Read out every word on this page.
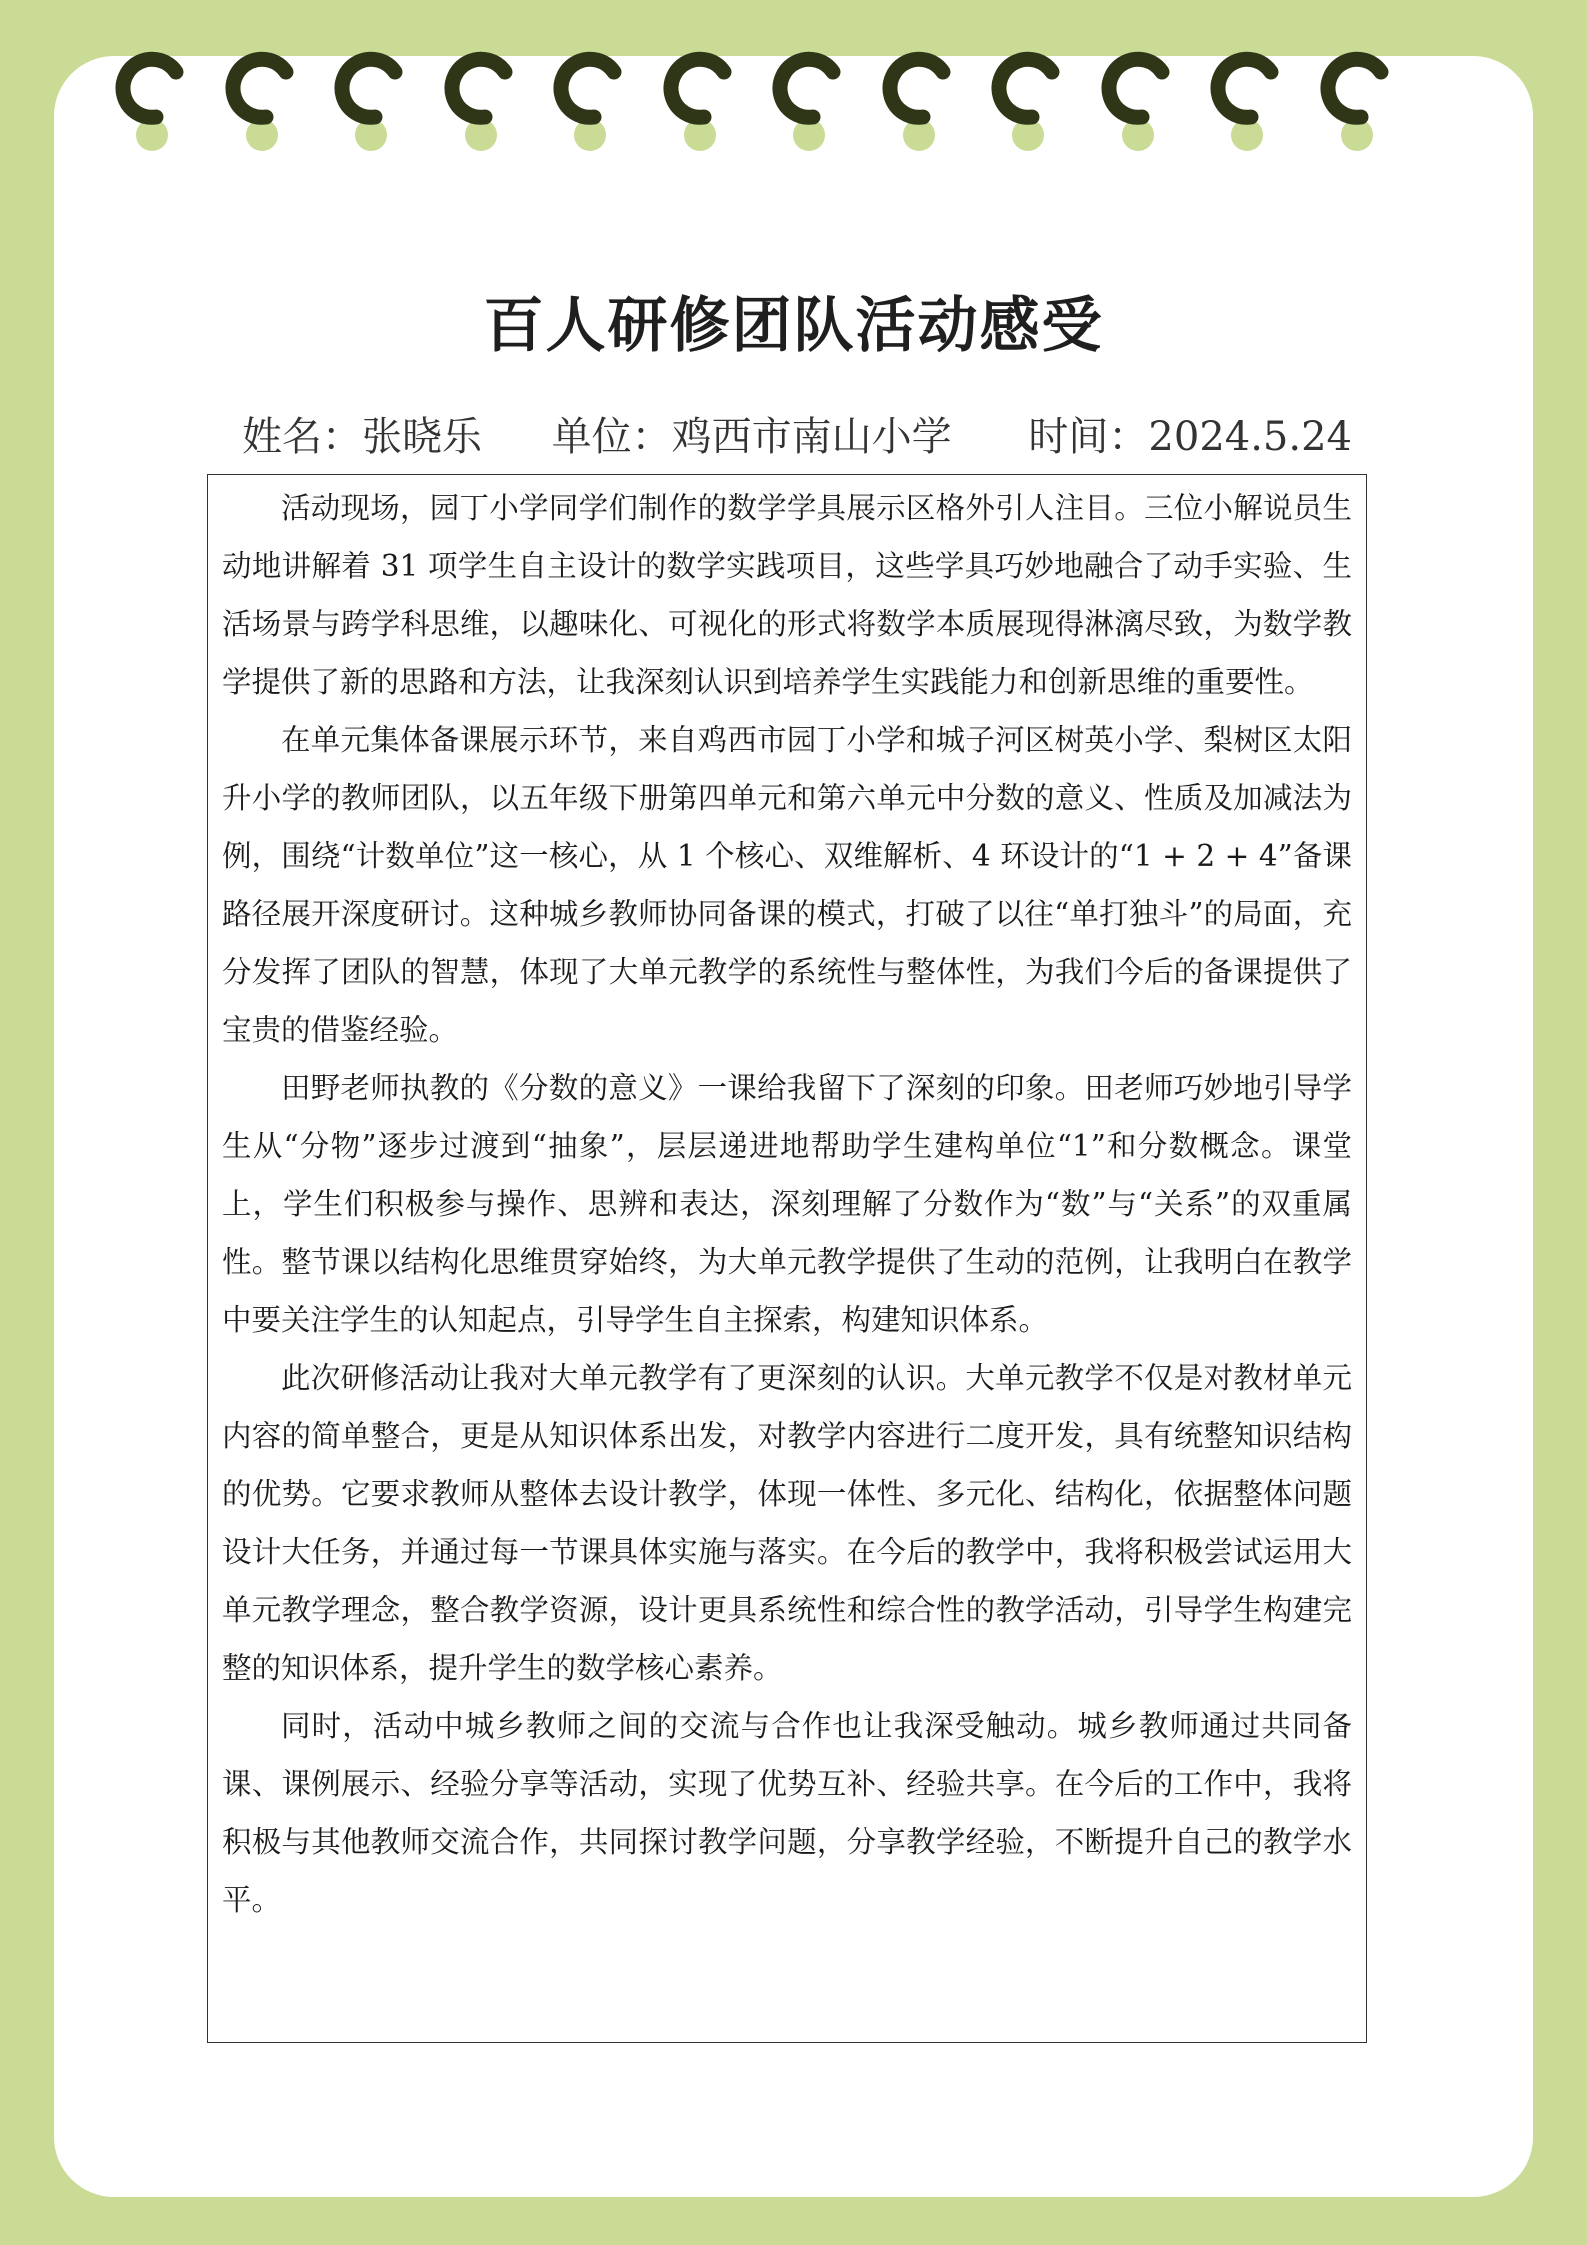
百人研修团队活动感受
姓名：张晓乐	单位：鸡西市南山小学	时间：2024.5.24

活动现场，园丁小学同学们制作的数学学具展示区格外引人注目。三位小解说员生动地讲解着 31 项学生自主设计的数学实践项目，这些学具巧妙地融合了动手实验、生活场景与跨学科思维，以趣味化、可视化的形式将数学本质展现得淋漓尽致，为数学教学提供了新的思路和方法，让我深刻认识到培养学生实践能力和创新思维的重要性。

在单元集体备课展示环节，来自鸡西市园丁小学和城子河区树英小学、梨树区太阳升小学的教师团队，以五年级下册第四单元和第六单元中分数的意义、性质及加减法为例，围绕“计数单位”这一核心，从 1 个核心、双维解析、4 环设计的“1 + 2 + 4”备课路径展开深度研讨。这种城乡教师协同备课的模式，打破了以往“单打独斗”的局面，充分发挥了团队的智慧，体现了大单元教学的系统性与整体性，为我们今后的备课提供了宝贵的借鉴经验。

田野老师执教的《分数的意义》一课给我留下了深刻的印象。田老师巧妙地引导学生从“分物”逐步过渡到“抽象”，层层递进地帮助学生建构单位“1”和分数概念。课堂上，学生们积极参与操作、思辨和表达，深刻理解了分数作为“数”与“关系”的双重属性。整节课以结构化思维贯穿始终，为大单元教学提供了生动的范例，让我明白在教学中要关注学生的认知起点，引导学生自主探索，构建知识体系。

此次研修活动让我对大单元教学有了更深刻的认识。大单元教学不仅是对教材单元内容的简单整合，更是从知识体系出发，对教学内容进行二度开发，具有统整知识结构的优势。它要求教师从整体去设计教学，体现一体性、多元化、结构化，依据整体问题设计大任务，并通过每一节课具体实施与落实。在今后的教学中，我将积极尝试运用大单元教学理念，整合教学资源，设计更具系统性和综合性的教学活动，引导学生构建完整的知识体系，提升学生的数学核心素养。

同时，活动中城乡教师之间的交流与合作也让我深受触动。城乡教师通过共同备课、课例展示、经验分享等活动，实现了优势互补、经验共享。在今后的工作中，我将积极与其他教师交流合作，共同探讨教学问题，分享教学经验，不断提升自己的教学水平。
